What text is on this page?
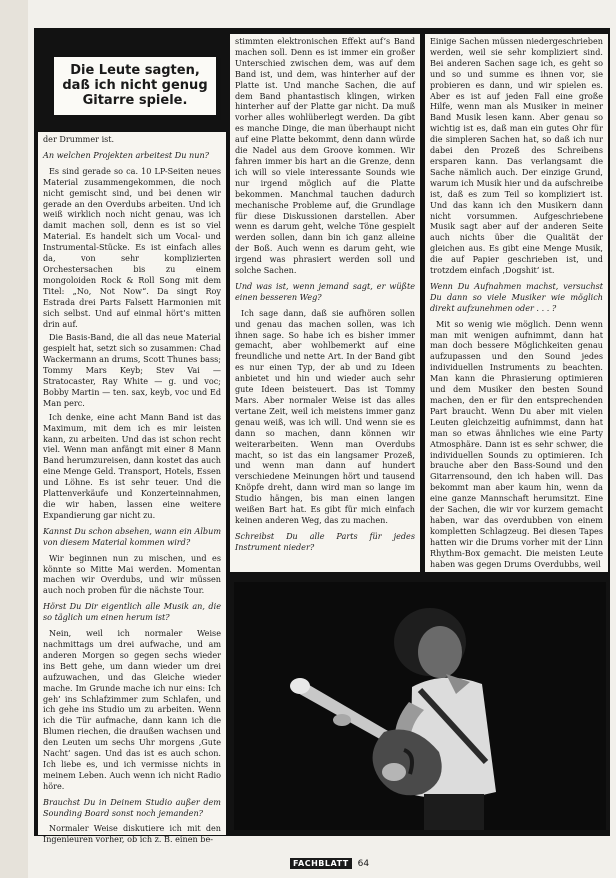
Die Leute sagten,
daß ich nicht genug
Gitarre spiele.

der Drummer ist.

An welchen Projekten arbeitest Du nun?

Es sind gerade so ca. 10 LP-Seiten neues Material zusammengekommen, die noch nicht gemischt sind, und bei denen wir gerade an den Overdubs arbeiten. Und ich weiß wirklich noch nicht genau, was ich damit machen soll, denn es ist so viel Material. Es handelt sich um Vocal- und Instrumental-Stücke. Es ist einfach alles da, von sehr komplizierten Orchestersachen bis zu einem mongoloiden Rock & Roll Song mit dem Titel: „No, Not Now“. Da singt Roy Estrada drei Parts Falsett Harmonien mit sich selbst. Und auf einmal hört’s mitten drin auf.

Die Basis-Band, die all das neue Material gespielt hat, setzt sich so zusammen: Chad Wackermann an drums, Scott Thunes bass; Tommy Mars Keyb; Stev Vai — Stratocaster, Ray White — g. und voc; Bobby Martin — ten. sax, keyb, voc und Ed Man perc.

Ich denke, eine acht Mann Band ist das Maximum, mit dem ich es mir leisten kann, zu arbeiten. Und das ist schon recht viel. Wenn man anfängt mit einer 8 Mann Band herumzureisen, dann kostet das auch eine Menge Geld. Transport, Hotels, Essen und Löhne. Es ist sehr teuer. Und die Plattenverkäufe und Konzerteinnahmen, die wir haben, lassen eine weitere Expandierung gar nicht zu.

Kannst Du schon absehen, wann ein Album von diesem Material kommen wird?

Wir beginnen nun zu mischen, und es könnte so Mitte Mai werden. Momentan machen wir Overdubs, und wir müssen auch noch proben für die nächste Tour.

Hörst Du Dir eigentlich alle Musik an, die so täglich um einen herum ist?

Nein, weil ich normaler Weise nachmittags um drei aufwache, und am anderen Morgen so gegen sechs wieder ins Bett gehe, um dann wieder um drei aufzuwachen, und das Gleiche wieder mache. Im Grunde mache ich nur eins: Ich geh’ ins Schlafzimmer zum Schlafen, und ich gehe ins Studio um zu arbeiten. Wenn ich die Tür aufmache, dann kann ich die Blumen riechen, die draußen wachsen und den Leuten um sechs Uhr morgens ‚Gute Nacht‘ sagen. Und das ist es auch schon. Ich liebe es, und ich vermisse nichts in meinem Leben. Auch wenn ich nicht Radio höre.

Brauchst Du in Deinem Studio außer dem Sounding Board sonst noch jemanden?

Normaler Weise diskutiere ich mit den Ingenieuren vorher, ob ich z. B. einen be-

stimmten elektronischen Effekt auf’s Band machen soll. Denn es ist immer ein großer Unterschied zwischen dem, was auf dem Band ist, und dem, was hinterher auf der Platte ist. Und manche Sachen, die auf dem Band phantastisch klingen, wirken hinterher auf der Platte gar nicht. Da muß vorher alles wohlüberlegt werden. Da gibt es manche Dinge, die man überhaupt nicht auf eine Platte bekommt, denn dann würde die Nadel aus dem Groove kommen. Wir fahren immer bis hart an die Grenze, denn ich will so viele interessante Sounds wie nur irgend möglich auf die Platte bekommen. Manchmal tauchen dadurch mechanische Probleme auf, die Grundlage für diese Diskussionen darstellen. Aber wenn es darum geht, welche Töne gespielt werden sollen, dann bin ich ganz alleine der Boß. Auch wenn es darum geht, wie irgend was phrasiert werden soll und solche Sachen.

Und was ist, wenn jemand sagt, er wüßte einen besseren Weg?

Ich sage dann, daß sie aufhören sollen und genau das machen sollen, was ich ihnen sage. So habe ich es bisher immer gemacht, aber wohlbemerkt auf eine freundliche und nette Art. In der Band gibt es nur einen Typ, der ab und zu Ideen anbietet und hin und wieder auch sehr gute Ideen beisteuert. Das ist Tommy Mars. Aber normaler Weise ist das alles vertane Zeit, weil ich meistens immer ganz genau weiß, was ich will. Und wenn sie es dann so machen, dann können wir weiterarbeiten. Wenn man Overdubs macht, so ist das ein langsamer Prozeß, und wenn man dann auf hundert verschiedene Meinungen hört und tausend Knöpfe dreht, dann wird man so lange im Studio hängen, bis man einen langen weißen Bart hat. Es gibt für mich einfach keinen anderen Weg, das zu machen.

Schreibst Du alle Parts für jedes Instrument nieder?

Einige Sachen müssen niedergeschrieben werden, weil sie sehr kompliziert sind. Bei anderen Sachen sage ich, es geht so und so und summe es ihnen vor, sie probieren es dann, und wir spielen es. Aber es ist auf jeden Fall eine große Hilfe, wenn man als Musiker in meiner Band Musik lesen kann. Aber genau so wichtig ist es, daß man ein gutes Ohr für die simpleren Sachen hat, so daß ich nur dabei den Prozeß des Schreibens ersparen kann. Das verlangsamt die Sache nämlich auch. Der einzige Grund, warum ich Musik hier und da aufschreibe ist, daß es zum Teil so kompliziert ist. Und das kann ich den Musikern dann nicht vorsummen. Aufgeschriebene Musik sagt aber auf der anderen Seite auch nichts über die Qualität der gleichen aus. Es gibt eine Menge Musik, die auf Papier geschrieben ist, und trotzdem einfach ‚Dogshit‘ ist.

Wenn Du Aufnahmen machst, versuchst Du dann so viele Musiker wie möglich direkt aufzunehmen oder . . . ?

Mit so wenig wie möglich. Denn wenn man mit wenigen aufnimmt, dann hat man doch bessere Möglichkeiten genau aufzupassen und den Sound jedes individuellen Instruments zu beachten. Man kann die Phrasierung optimieren und dem Musiker den besten Sound machen, den er für den entsprechenden Part braucht. Wenn Du aber mit vielen Leuten gleichzeitig aufnimmst, dann hat man so etwas ähnliches wie eine Party Atmosphäre. Dann ist es sehr schwer, die individuellen Sounds zu optimieren. Ich brauche aber den Bass-Sound und den Gitarrensound, den ich haben will. Das bekommt man aber kaum hin, wenn da eine ganze Mannschaft herumsitzt. Eine der Sachen, die wir vor kurzem gemacht haben, war das overdubben von einem kompletten Schlagzeug. Bei diesen Tapes hatten wir die Drums vorher mit der Linn Rhythm-Box gemacht. Die meisten Leute haben was gegen Drums Overdubbs, weil

FACHBLATT	64
